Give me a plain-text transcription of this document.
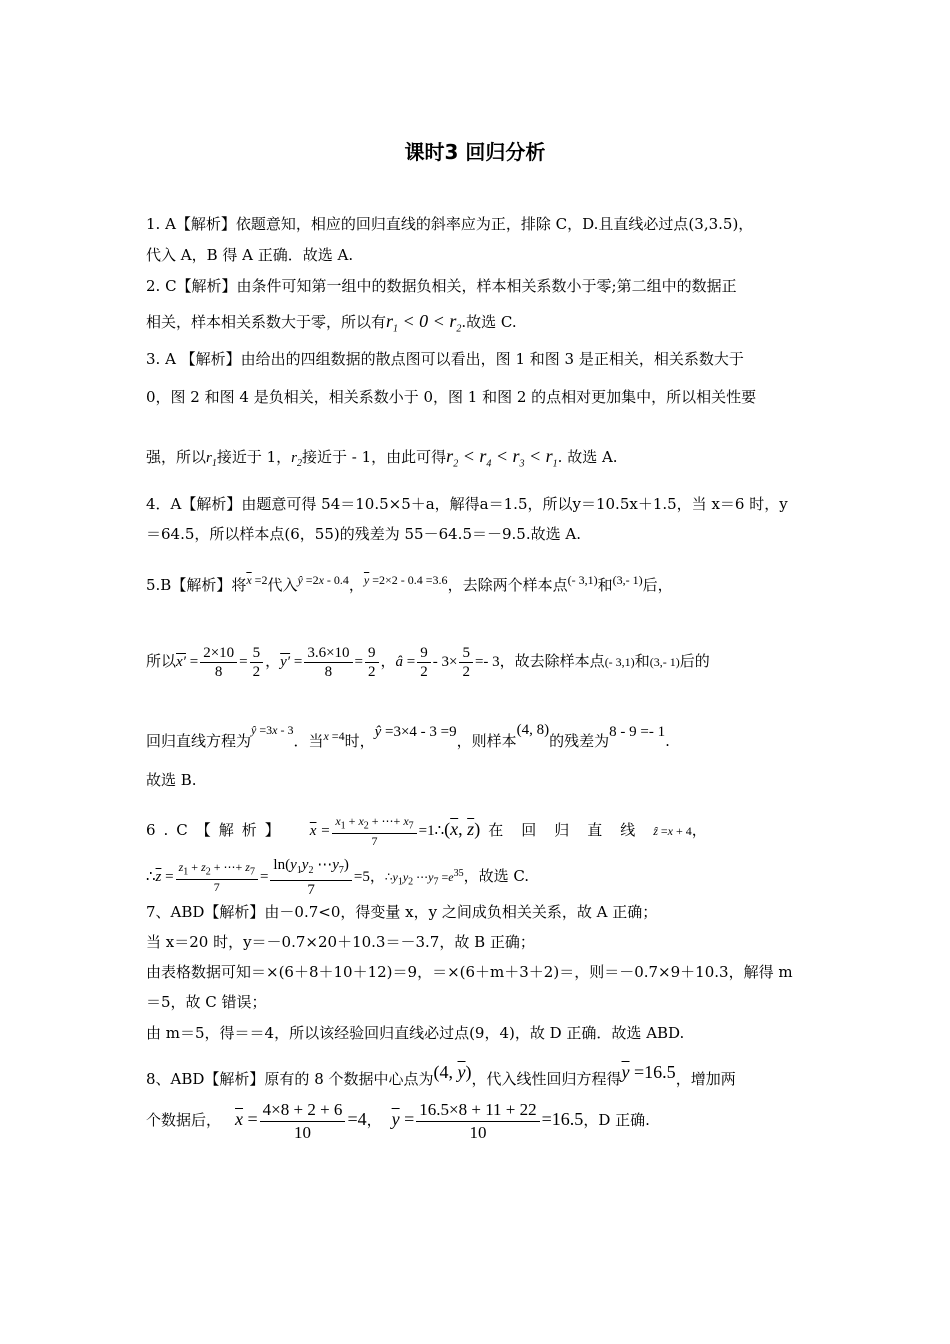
课时3 回归分析
1. A【解析】依题意知，相应的回归直线的斜率应为正，排除 C，D.且直线必过点(3,3.5)，
代入 A，B 得 A 正确．故选 A.
2. C【解析】由条件可知第一组中的数据负相关，样本相关系数小于零;第二组中的数据正
相关，样本相关系数大于零，所以有$r_1 < 0 < r_2$.故选 C.
3. A 【解析】由给出的四组数据的散点图可以看出，图 1 和图 3 是正相关，相关系数大于
0，图 2 和图 4 是负相关，相关系数小于 0，图 1 和图 2 的点相对更加集中，所以相关性要
强，所以$r_1$接近于 1，$r_2$接近于 - 1，由此可得$r_2 < r_4 < r_3 < r_1$. 故选 A.
4．A【解析】由题意可得 54＝10.5×5＋a，解得a＝1.5，所以y＝10.5x＋1.5，当 x＝6 时，y
＝64.5，所以样本点(6，55)的残差为 55－64.5＝－9.5.故选 A.
5.B【解析】将$^{\overline{x} =2}$代入$^{ŷ =2x - 0.4}$，$^{\overline{y} =2\times 2 - 0.4 =3.6}$，去除两个样本点$^{(- 3,1)}$和$^{(3,- 1)}$后，
所以$x' = \frac{2\times 10}{8} = \frac{5}{2}$ ，$y' = \frac{3.6\times 10}{8} = \frac{9}{2}$ ，â = $\frac{9}{2} - 3\times \frac{5}{2} =- 3$，故去除样本点(- 3,1)和(3,- 1)后的
回归直线方程为$^{ŷ =3x - 3}$．当$^{x =4}$时，ŷ =3×4 - 3 =9，则样本(4, 8)的残差为8 - 9 =- 1.
故选 B.
6.C【解析】 $\overline{x} = \frac{x_1 + x_2 + \cdots+ x_7}{7}$ $=1\therefore(\overline{x}$, $\overline{z}$) 在回归直线ẑ =x + 4，
$\therefore\overline{z} = \frac{z_1 + z_2 + \cdots+ z_7}{7} = \frac{\ln(y_1y_2 \cdots y_7)}{7} =5$，$\therefore y_1y_2$ $\cdots y_7 =e^{35}$，故选 C.
7、ABD【解析】由－0.7<0，得变量 x，y 之间成负相关关系，故 A 正确；
当 x＝20 时，y＝－0.7×20＋10.3＝－3.7，故 B 正确；
由表格数据可知＝×(6＋8＋10＋12)＝9，＝×(6＋m＋3＋2)＝，则＝－0.7×9＋10.3，解得 m
＝5，故 C 错误；
由 m＝5，得＝＝4，所以该经验回归直线必过点(9，4)，故 D 正确．故选 ABD.
8、ABD【解析】原有的 8 个数据中心点为(4, $\overline{y}$)，代入线性回归方程得$\overline{y} =16.5$，增加两
个数据后， $\overline{x} = \frac{4\times 8 + 2 + 6}{10} =4$， $\overline{y} = \frac{16.5\times 8 + 11 + 22}{10} =16.5$，D 正确.
